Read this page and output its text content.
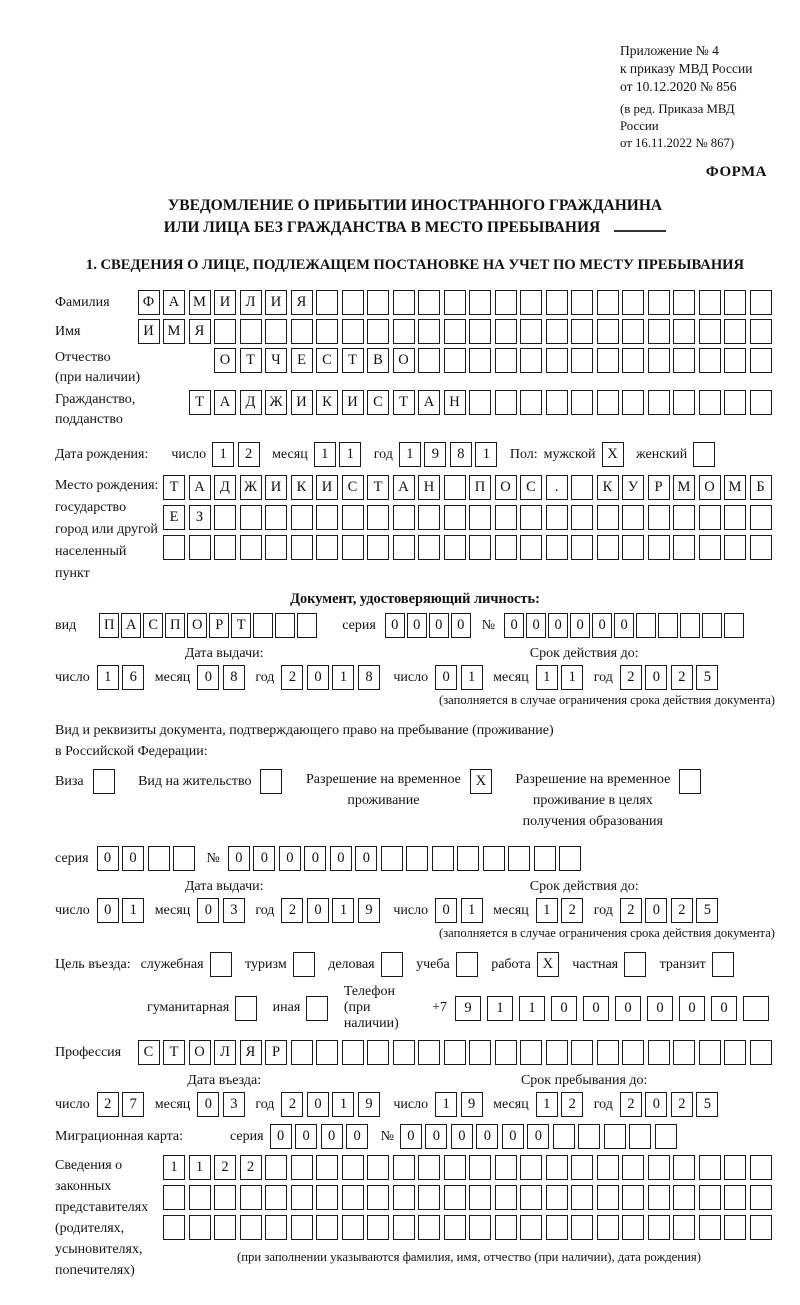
Приложение № 4
к приказу МВД России
от 10.12.2020 № 856
(в ред. Приказа МВД России
от 16.11.2022 № 867)
ФОРМА
УВЕДОМЛЕНИЕ О ПРИБЫТИИ ИНОСТРАННОГО ГРАЖДАНИНА
ИЛИ ЛИЦА БЕЗ ГРАЖДАНСТВА В МЕСТО ПРЕБЫВАНИЯ
1. СВЕДЕНИЯ О ЛИЦЕ, ПОДЛЕЖАЩЕМ ПОСТАНОВКЕ НА УЧЕТ ПО МЕСТУ ПРЕБЫВАНИЯ
Фамилия	Ф	А М И	Л	И	Я
Имя	И М Я
Отчество
(при наличии)
О	Т	Ч	Е	С	Т	В	О
Гражданство,
подданство
Т	А	Д Ж И	К	И	С	Т	А	Н
Дата рождения: число 1	2	месяц 1	1	год 1	9	8	1	Пол: мужской X	женский
Место рождения:
государство
город или другой
населенный пункт
Т	А	Д Ж И	К	И	С	Т	А	Н	П	О	С	.	К	У	Р	М О М	Б
Е	З
Документ, удостоверяющий личность:
вид	П А С П О Р Т	серия	0	0	0	0	№	0	0	0	0	0	0
Дата выдачи:
число 1	6	месяц 0	8	год 2	0	1	8
Срок действия до:
число 0	1	месяц 1	1	год 2	0	2	5
(заполняется в случае ограничения срока действия документа)
Вид и реквизиты документа, подтверждающего право на пребывание (проживание)
в Российской Федерации:
Виза	Вид на жительство	Разрешение на временное
проживание
X	Разрешение на временное
проживание в целях
получения образования
серия	0	0	№	0	0	0	0	0	0
Дата выдачи:
число 0	1	месяц 0	3	год 2	0	1	9
Срок действия до:
число 0	1	месяц 1	2	год 2	0	2	5
(заполняется в случае ограничения срока действия документа)
Цель въезда: служебная	туризм	деловая	учеба	работа X	частная	транзит
гуманитарная	иная
Телефон (при наличии)
+7	9	1	1	0	0	0	0	0	0
Профессия	С	Т	О	Л	Я	Р
Дата въезда:
число 2	7	месяц 0	3	год 2	0	1	9
Срок пребывания до:
число 1	9	месяц 1	2	год 2	0	2	5
Миграционная карта:	серия 0	0	0	0	№ 0	0	0	0	0	0
Сведения о
законных
представителях
(родителях,
усыновителях,
попечителях)
1	1	2	2
(при заполнении указываются фамилия, имя, отчество (при наличии), дата рождения)
